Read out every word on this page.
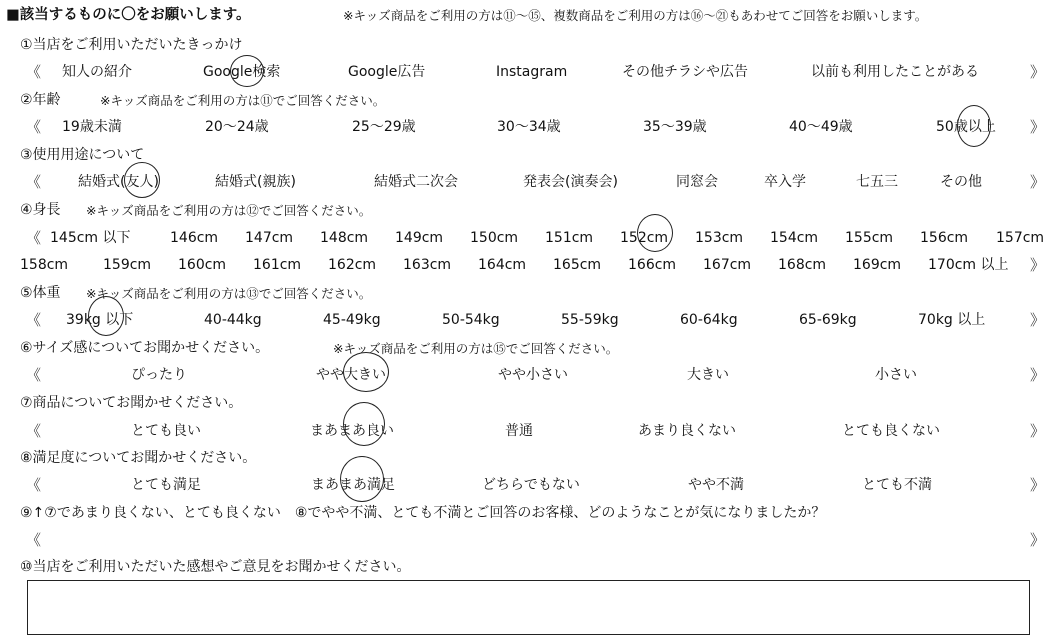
■該当するものに〇をお願いします。	※キッズ商品をご利用の方は⑪〜⑮、複数商品をご利用の方は⑯〜㉑もあわせてご回答をお願いします。
①当店をご利用いただいたきっかけ
《 知人の紹介	Google検索	Google広告	Instagram	その他チラシや広告	以前も利用したことがある	》
②年齢	※キッズ商品をご利用の方は⑪でご回答ください。
《 19歳未満	20～24歳	25～29歳	30～34歳	35～39歳	40～49歳	50歳以上 》
③使用用途について
《	結婚式(友人)	結婚式(親族)	結婚式二次会	発表会(演奏会)	同窓会	卒入学	七五三	その他	》
④身長 ※キッズ商品をご利用の方は⑫でご回答ください。
《 145cm 以下	146cm 147cm 148cm 149cm 150cm 151cm 152cm 153cm 154cm 155cm 156cm 157cm
158cm 159cm 160cm 161cm 162cm 163cm 164cm 165cm 166cm 167cm 168cm 169cm 170cm 以上 》
⑤体重 ※キッズ商品をご利用の方は⑬でご回答ください。
《 39kg 以下	40-44kg	45-49kg	50-54kg	55-59kg	60-64kg	65-69kg	70kg 以上	》
⑥サイズ感についてお聞かせください。	※キッズ商品をご利用の方は⑮でご回答ください。
《	ぴったり	やや大きい	やや小さい	大きい	小さい	》
⑦商品についてお聞かせください。
《	とても良い	まあまあ良い	普通	あまり良くない	とても良くない	》
⑧満足度についてお聞かせください。
《	とても満足	まあまあ満足	どちらでもない	やや不満	とても不満	》
⑨↑⑦であまり良くない、とても良くない　⑧でやや不満、とても不満とご回答のお客様、どのようなことが気になりましたか？
《	》
⑩当店をご利用いただいた感想やご意見をお聞かせください。
